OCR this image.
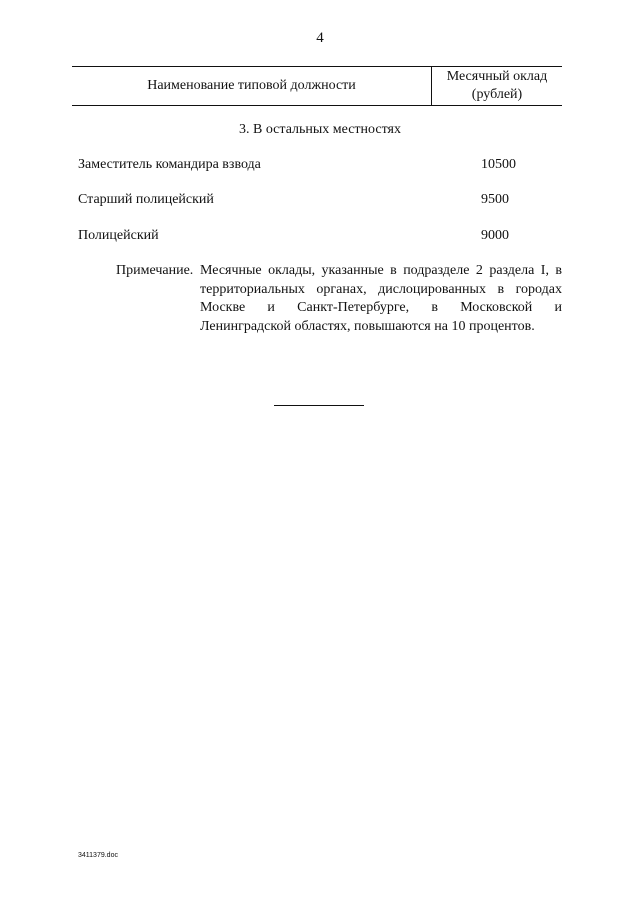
4
Наименование типовой должности
Месячный оклад
(рублей)
3. В остальных местностях
Заместитель командира взвода	10500
Старший полицейский	9500
Полицейский	9000
Примечание. Месячные оклады, указанные в подразделе 2 раздела I, в территориальных органах, дислоцированных в городах Москве и Санкт-Петербурге, в Московской и Ленинградской областях, повышаются на 10 процентов.
3411379.doc
